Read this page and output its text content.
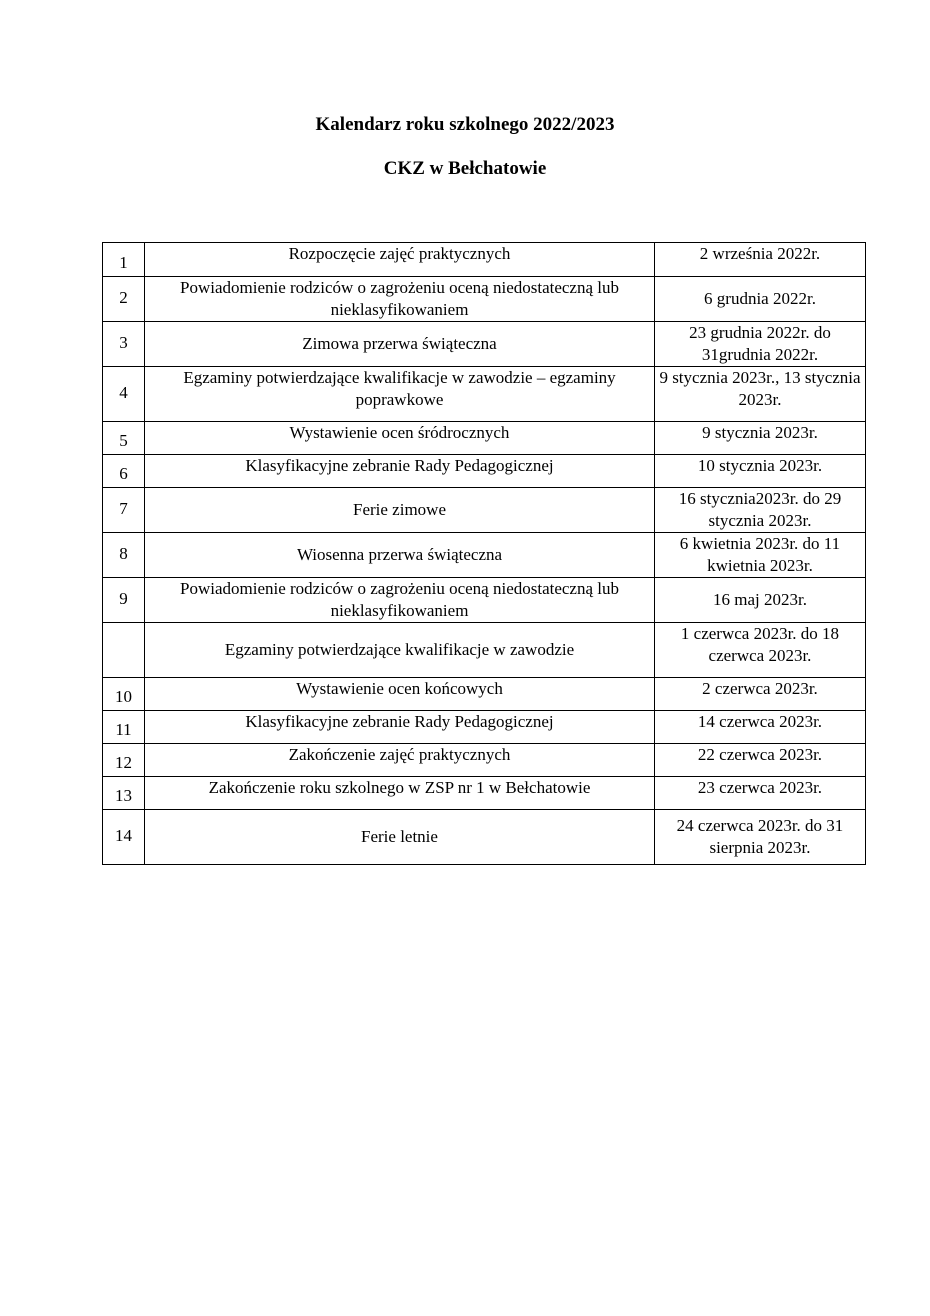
Kalendarz roku szkolnego 2022/2023
CKZ w Bełchatowie
1	Rozpoczęcie zajęć praktycznych	2 września 2022r.
2	Powiadomienie rodziców o zagrożeniu oceną niedostateczną lub nieklasyfikowaniem	6 grudnia 2022r.
3	Zimowa przerwa świąteczna	23 grudnia 2022r. do 31grudnia 2022r.
4	Egzaminy potwierdzające kwalifikacje w zawodzie – egzaminy poprawkowe	9 stycznia 2023r., 13 stycznia 2023r.
5	Wystawienie ocen śródrocznych	9 stycznia 2023r.
6	Klasyfikacyjne zebranie Rady Pedagogicznej	10 stycznia 2023r.
7	Ferie zimowe	16 stycznia2023r. do 29 stycznia 2023r.
8	Wiosenna przerwa świąteczna	6 kwietnia 2023r. do 11 kwietnia 2023r.
9	Powiadomienie rodziców o zagrożeniu oceną niedostateczną lub nieklasyfikowaniem	16 maj 2023r.
	Egzaminy potwierdzające kwalifikacje w zawodzie	1 czerwca 2023r. do 18 czerwca 2023r.
10	Wystawienie ocen końcowych	2 czerwca 2023r.
11	Klasyfikacyjne zebranie Rady Pedagogicznej	14 czerwca 2023r.
12	Zakończenie zajęć praktycznych	22 czerwca 2023r.
13	Zakończenie roku szkolnego w ZSP nr 1 w Bełchatowie	23 czerwca 2023r.
14	Ferie letnie	24 czerwca 2023r. do 31 sierpnia 2023r.
